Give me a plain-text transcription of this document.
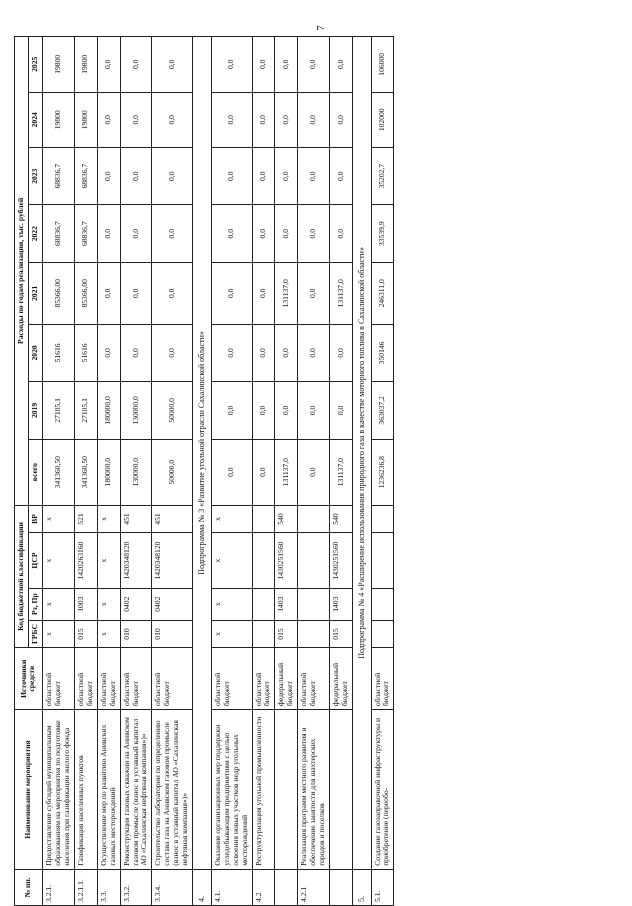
7
№ пп.	Наименование мероприятия	Источники средств	Код бюджетной классификации				Расходы по годам реализации, тыс. рублей							
			ГРБС	Рз, Пр	ЦСР	ВР	всего	2019	2020	2021	2022	2023	2024	2025
3.2.1.	Предоставление субсидий муниципальным образованиям на мероприятия по подготовке населения при газификации жилого фонда	областной бюджет	х	х	х	х	341360,50	27105,1	51616	85366,00	68836,7	68836,7	19800	19800
3.2.1.1.	Газификация населенных пунктов	областной бюджет	015	1003	1420263160	521	341360,50	27105,1	51616	85366,00	68836,7	68836,7	19800	19800
3.3.	Осуществление мер по развитию Анивских газовых месторождений	областной бюджет	х	х	х	х	180000,0	180000,0	0,0	0,0	0,0	0,0	0,0	0,0
3.3.2.	Реконструкция газовых скважин на Анивском газовом промысле (взнос в уставный капитал АО «Сахалинская нефтяная компания»)»	областной бюджет	010	0402	1420348120	451	130000,0	130000,0	0,0	0,0	0,0	0,0	0,0	0,0
3.3.4.	Строительство лаборатории по определению состава газа на Анивском газовом промысле (взнос в уставный капитал АО «Сахалинская нефтяная компания»)»	областной бюджет	010	0402	1420348120	451	50000,0	50000,0	0,0	0,0	0,0	0,0	0,0	0,0
4.	Подпрограмма № 3 «Развитие угольной отрасли Сахалинской области»													
4.1.	Оказание организационных мер поддержки угледобывающим предприятиям с целью освоения новых участков недр угольных месторождений	областной бюджет	х	х	х	х	0,0	0,0	0,0	0,0	0,0	0,0	0,0	0,0
4.2	Реструктуризация угольной промышленности	областной бюджет					0,0	0,0	0,0	0,0	0,0	0,0	0,0	0,0
		федеральный бюджет	015	1403	1430251560	540	131137,0	0,0	0,0	131137,0	0,0	0,0	0,0	0,0
4.2.1	Реализация программ местного развития и обеспечение занятости для шахтерских городов и поселков	областной бюджет					0,0	0,0	0,0	0,0	0,0	0,0	0,0	0,0
		федеральный бюджет	015	1403	1430251560	540	131137,0	0,0	0,0	131137,0	0,0	0,0	0,0	0,0
5.	Подпрограмма № 4 «Расширение использования природного газа в качестве моторного топлива в Сахалинской области»													
5.1.	Создание газозаправочной инфраструктуры и приобретение (переобо-	областной бюджет					1236236,8	363037,2	350146	246311,0	33539,9	35202,7	102000	106000
